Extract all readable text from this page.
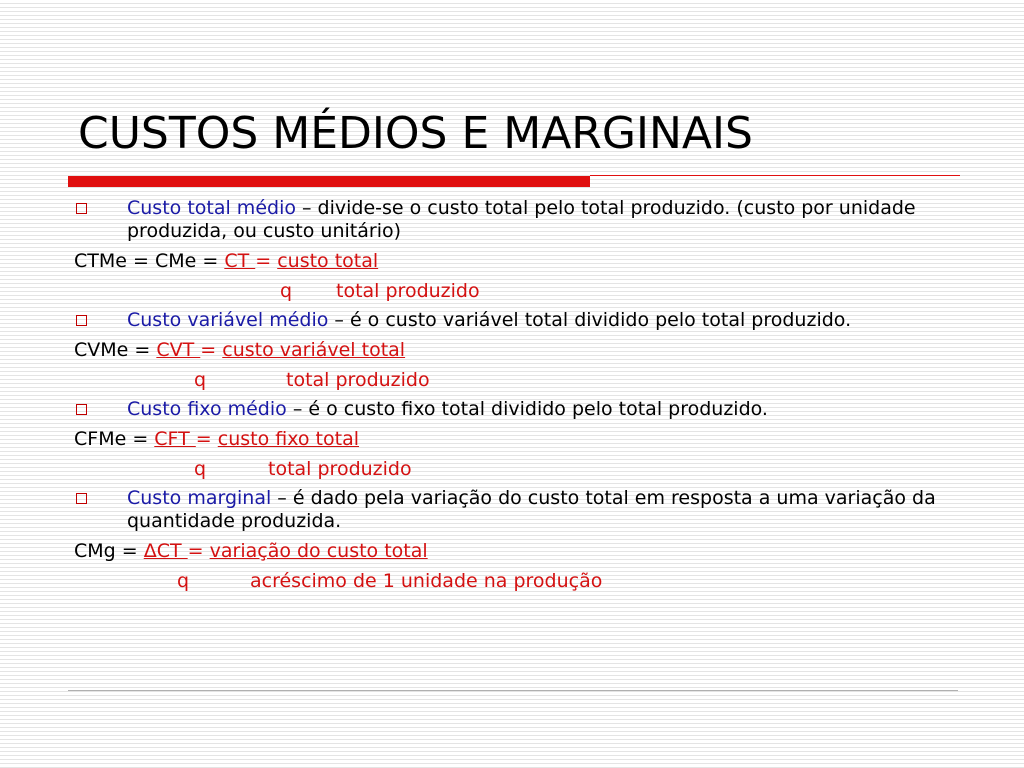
CUSTOS MÉDIOS E MARGINAIS

Custo total médio – divide-se o custo total pelo total produzido. (custo por unidade produzida, ou custo unitário)

CTMe = CMe = CT = custo total

q total produzido

Custo variável médio – é o custo variável total dividido pelo total produzido.

CVMe = CVT = custo variável total

q	total produzido

Custo fixo médio – é o custo fixo total dividido pelo total produzido.

CFMe = CFT = custo fixo total

q	total produzido

Custo marginal – é dado pela variação do custo total em resposta a uma variação da quantidade produzida.

CMg = ΔCT = variação do custo total

q	acréscimo de 1 unidade na produção
